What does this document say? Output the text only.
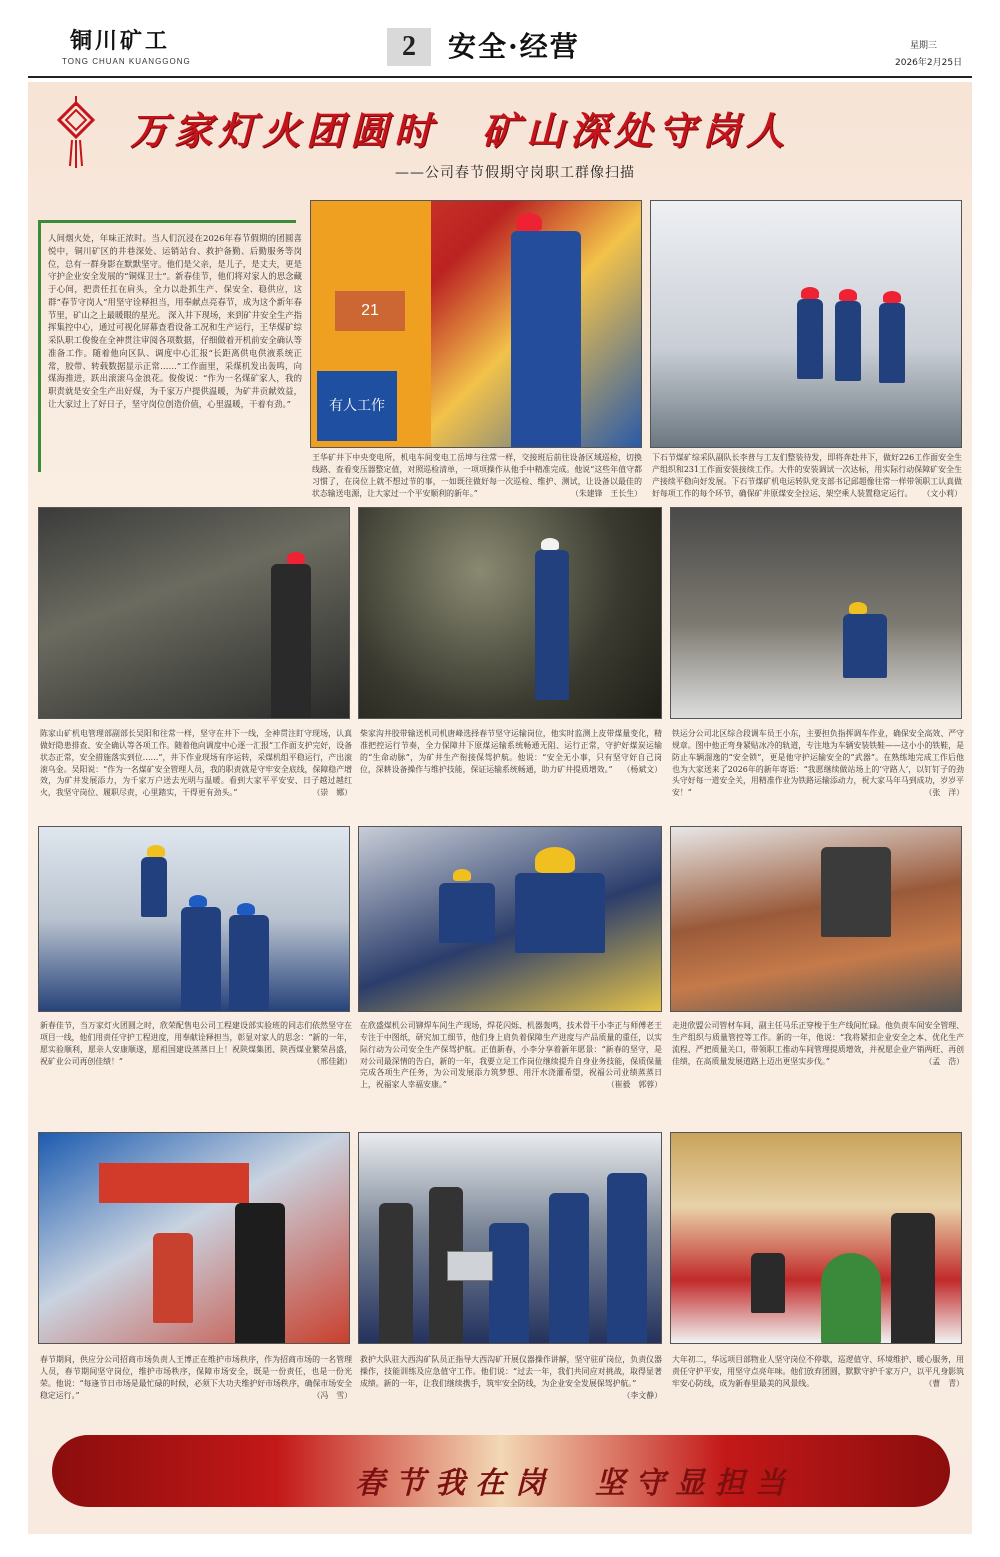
铜川矿工
TONG CHUAN KUANGGONG	2	安全·经营	星期三
2026年2月25日
万家灯火团圆时　矿山深处守岗人
——公司春节假期守岗职工群像扫描
人间烟火处，年味正浓时。当人们沉浸在2026年春节假期的团圆喜悦中，铜川矿区的井巷深处、运销站台、救护备勤、后勤服务等岗位，总有一群身影在默默坚守。他们是父亲，是儿子，是丈夫，更是守护企业安全发展的“铜煤卫士”。新春佳节，他们将对家人的思念藏于心间，把责任扛在肩头，全力以赴抓生产、保安全、稳供应，这群“春节守岗人”用坚守诠释担当，用奉献点亮春节，成为这个新年春节里，矿山之上最暖眼的星光。 深入井下现场，来到矿井安全生产指挥集控中心，通过可视化屏幕查看设备工况和生产运行，王华煤矿综采队职工俊俊在全神贯注审阅各项数据，仔细做着开机前安全确认等准备工作。随着他向区队、调度中心汇报“长距离供电供液系统正常，胶带、转载数据显示正常……”工作面里，采煤机发出轰鸣，向煤海推进，跃出滚滚乌金浪花。俊俊说：“作为一名煤矿家人，我的职责就是安全生产出好煤，为千家万户提供温暖，为矿井贡献效益，让大家过上了好日子，坚守岗位创造价值，心里温暖，干着有劲。”
21
有人工作
王华矿井下中央变电所，机电车间变电工岳坤与往常一样，交接班后前往设备区域巡检，切换线路、查看变压器整定值，对照巡检清单，一项项操作从他手中精准完成。他说“这些年值守都习惯了，在岗位上就不想过节的事，一如既往做好每一次巡检、维护、测试，让设备以最佳的状态输送电源，让大家过一个平安顺利的新年。”	（朱建锋　王长生）
下石节煤矿综采队副队长李普与工友们整装待发，即将奔赴井下，做好226工作面安全生产组织和231工作面安装接续工作。大件的安装调试一次达标，用实际行动保障矿安全生产接续平稳向好发展。下石节煤矿机电运转队党支部书记邱超像往常一样带领职工认真做好每项工作的每个环节，确保矿井原煤安全拉运、架空乘人装置稳定运行。 （文小莉）
陈家山矿机电管理部副部长吴阳和往常一样，坚守在井下一线，全神贯注盯守现场，认真做好隐患排查、安全确认等各项工作。随着他向调度中心逐一汇报“工作面支护完好，设备状态正常，安全措施落实到位……”，井下作业现场有序运转，采煤机组平稳运行，产出滚滚乌金。吴阳说：“作为一名煤矿安全管理人员，我的职责就是守牢安全底线，保障稳产增效，为矿井发展添力，为千家万户送去光明与温暖。看到大家平平安安、日子越过越红火，我坚守岗位、履职尽责，心里踏实，干得更有劲头。”	（崇　娜）
柴家沟井胶带输送机司机唐峰选择春节坚守运输岗位，他实时监测上皮带煤量变化，精准把控运行节奏，全力保障井下原煤运输系统畅通无阻、运行正常，守护好煤炭运输的“生命动脉”，为矿井生产衔接保驾护航。他说：“安全无小事，只有坚守好自己岗位，深耕设备操作与维护技能，保证运输系统畅通，助力矿井提质增效。” （杨斌文）
铁运分公司北区综合段调车员王小东，主要担负指挥调车作业，确保安全高效、严守规章。图中他正弯身紧贴冰冷的轨道，专注地为车辆安装铁鞋——这小小的铁鞋，是防止车辆溜逸的“安全锁”，更是他守护运输安全的“武器”。在熟练地完成工作后他也为大家送来了2026年的新年寄语：“我愿继续做站场上的‘守路人’，以钉钉子的劲头守好每一道安全关，用精准作业为铁路运输添动力，祝大家马年马到成功，岁岁平安！”	（张　洋）
新春佳节，当万家灯火团圆之时，欣荣配售电公司工程建设部实验班的同志们依然坚守在项目一线，他们用责任守护工程进度，用奉献诠释担当，彰显对家人的思念：“新的一年，愿实验顺利，愿亲人安康顺遂，愿祖国建设蒸蒸日上！祝陕煤集团、陕西煤业繁荣昌盛，祝矿业公司再创佳绩！”	（邢佳鈯）
在欣盛煤机公司铆焊车间生产现场，焊花闪烁、机器轰鸣，技术骨干小李正与师傅老王专注于中图纸，研究加工细节，他们身上肩负着保障生产进度与产品质量的重任，以实际行动为公司安全生产保驾护航。正值新春，小李分享着新年愿景：“新春的坚守，是对公司最深情的告白，新的一年，我要立足工作岗位继续提升自身业务技能，保质保量完成各项生产任务，为公司发展添力筑梦想、用汗水浇灌希望，祝福公司业绩蒸蒸日上，祝福家人幸福安康。”	（崔毅　郭蓉）
走进欣盟公司管材车间，副主任马乐正穿梭于生产线间忙碌。他负责车间安全管理、生产组织与质量管控等工作。新的一年，他说：“我将紧扣企业安全之本、优化生产流程、严把质量关口，带领职工推动车间管理提质增效，并祝愿企业产销两旺、再创佳绩，在高质量发展道路上迈出更坚实步伐。”	（孟　浩）
春节期间，供应分公司招商市场负责人王博正在维护市场秩序，作为招商市场的一名管理人员，春节期间坚守岗位，维护市场秩序，保障市场安全，既是一份责任，也是一份光荣。他说：“每逢节日市场是最忙碌的时候，必须下大功夫维护好市场秩序，确保市场安全稳定运行。”	（冯　雪）
救护大队驻大西沟矿队员正指导大西沟矿开展仪器操作讲解，坚守驻矿岗位，负责仪器操作，技能训练及应急值守工作。他们说：“过去一年，我们共同应对挑战，取得显著成绩。新的一年，让我们继续携手，筑牢安全防线，为企业安全发展保驾护航。”
（李文静）
大年初二，华远项目部物业人坚守岗位不停歇，巡逻值守、环境维护、暖心服务，用责任守护平安，用坚守点亮年味。他们放弃团圆，默默守护千家万户，以平凡身影筑牢安心防线，成为新春里最美的风景线。	（曹　青）
春节我在岗　坚守显担当
